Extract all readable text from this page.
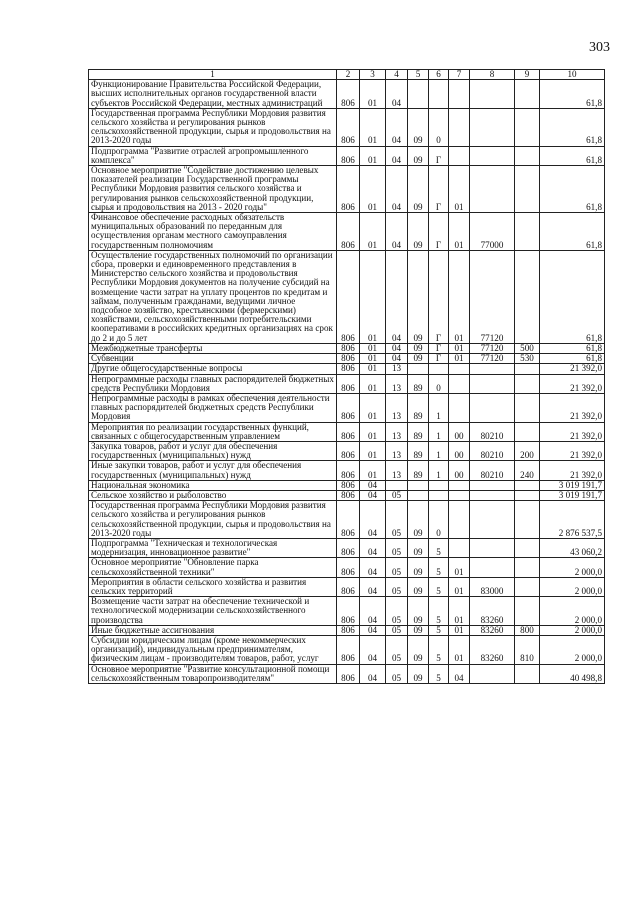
303
1	2	3	4	5	6	7	8	9	10
Функционирование Правительства Российской Федерации, высших исполнительных органов государственной власти субъектов Российской Федерации, местных администраций	806	01	04						61,8
Государственная программа Республики Мордовия развития сельского хозяйства и регулирования рынков сельскохозяйственной продукции, сырья и продовольствия на 2013-2020 годы	806	01	04	09	0				61,8
Подпрограмма "Развитие отраслей агропромышленного комплекса"	806	01	04	09	Г				61,8
Основное мероприятие "Содействие достижению целевых показателей реализации Государственной программы Республики Мордовия развития сельского хозяйства и регулирования рынков сельскохозяйственной продукции, сырья и продовольствия на 2013 - 2020 годы"	806	01	04	09	Г	01			61,8
Финансовое обеспечение расходных обязательств муниципальных образований по переданным для осуществления органам местного самоуправления государственным полномочиям	806	01	04	09	Г	01	77000		61,8
Осуществление государственных полномочий по организации сбора, проверки и единовременного представления в Министерство сельского хозяйства и продовольствия Республики Мордовия документов на получение субсидий на возмещение части затрат на уплату процентов по кредитам и займам, полученным гражданами, ведущими личное подсобное хозяйство, крестьянскими (фермерскими) хозяйствами, сельскохозяйственными потребительскими кооперативами в российских кредитных организациях на срок до 2 и до 5 лет	806	01	04	09	Г	01	77120		61,8
Межбюджетные трансферты	806	01	04	09	Г	01	77120	500	61,8
Субвенции	806	01	04	09	Г	01	77120	530	61,8
Другие общегосударственные вопросы	806	01	13						21 392,0
Непрограммные расходы главных распорядителей бюджетных средств Республики Мордовия	806	01	13	89	0				21 392,0
Непрограммные расходы в рамках обеспечения деятельности главных распорядителей бюджетных средств Республики Мордовия	806	01	13	89	1				21 392,0
Мероприятия по реализации государственных функций, связанных с общегосударственным управлением	806	01	13	89	1	00	80210		21 392,0
Закупка товаров, работ и услуг для обеспечения государственных (муниципальных) нужд	806	01	13	89	1	00	80210	200	21 392,0
Иные закупки товаров, работ и услуг для обеспечения государственных (муниципальных) нужд	806	01	13	89	1	00	80210	240	21 392,0
Национальная экономика	806	04							3 019 191,7
Сельское хозяйство и рыболовство	806	04	05						3 019 191,7
Государственная программа Республики Мордовия развития сельского хозяйства и регулирования рынков сельскохозяйственной продукции, сырья и продовольствия на 2013-2020 годы	806	04	05	09	0				2 876 537,5
Подпрограмма "Техническая и технологическая модернизация, инновационное развитие"	806	04	05	09	5				43 060,2
Основное мероприятие "Обновление парка сельскохозяйственной техники"	806	04	05	09	5	01			2 000,0
Мероприятия в области сельского хозяйства и развития сельских территорий	806	04	05	09	5	01	83000		2 000,0
Возмещение части затрат на обеспечение технической и технологической модернизации сельскохозяйственного производства	806	04	05	09	5	01	83260		2 000,0
Иные бюджетные ассигнования	806	04	05	09	5	01	83260	800	2 000,0
Субсидии юридическим лицам (кроме некоммерческих организаций), индивидуальным предпринимателям, физическим лицам - производителям товаров, работ, услуг	806	04	05	09	5	01	83260	810	2 000,0
Основное мероприятие "Развитие консультационной помощи сельскохозяйственным товаропроизводителям"	806	04	05	09	5	04			40 498,8
